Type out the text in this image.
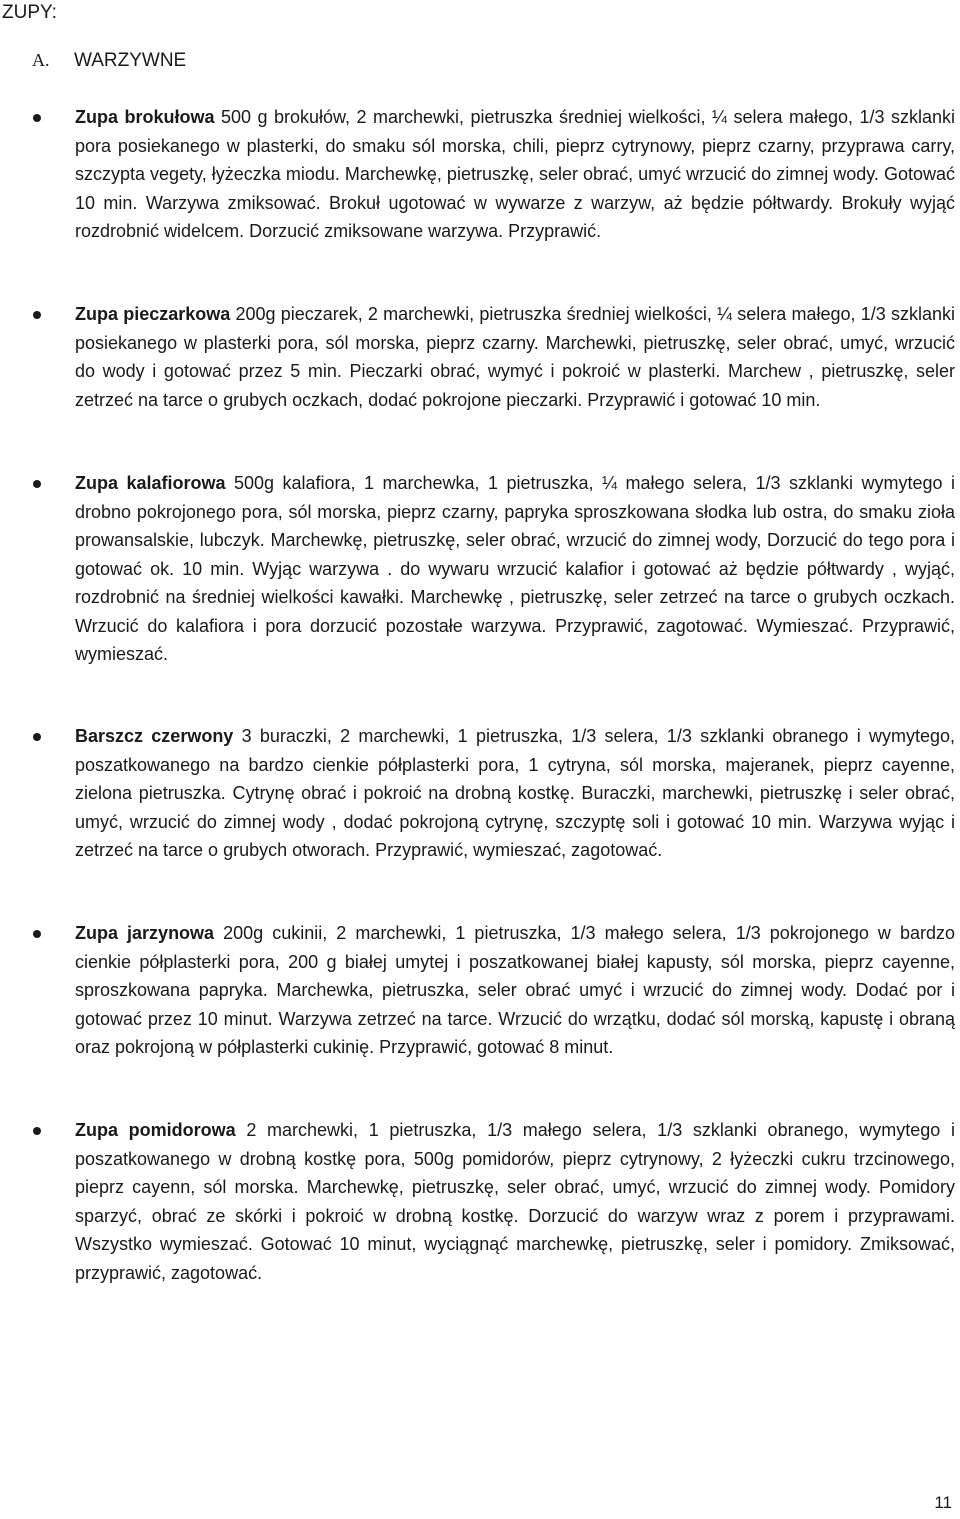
ZUPY:
A. WARZYWNE
Zupa brokułowa 500 g brokułów, 2 marchewki, pietruszka średniej wielkości, ¼ selera małego, 1/3 szklanki pora posiekanego w plasterki, do smaku sól morska, chili, pieprz cytrynowy, pieprz czarny, przyprawa carry, szczypta vegety, łyżeczka miodu. Marchewkę, pietruszkę, seler obrać, umyć wrzucić do zimnej wody. Gotować 10 min. Warzywa zmiksować. Brokuł ugotować w wywarze z warzyw, aż będzie półtwardy. Brokuły wyjąć rozdrobnić widelcem. Dorzucić zmiksowane warzywa. Przyprawić.
Zupa pieczarkowa 200g pieczarek, 2 marchewki, pietruszka średniej wielkości, ¼ selera małego, 1/3 szklanki posiekanego w plasterki pora, sól morska, pieprz czarny. Marchewki, pietruszkę, seler obrać, umyć, wrzucić do wody i gotować przez 5 min. Pieczarki obrać, wymyć i pokroić w plasterki. Marchew , pietruszkę, seler zetrzeć na tarce o grubych oczkach, dodać pokrojone pieczarki. Przyprawić i gotować 10 min.
Zupa kalafiorowa 500g kalafiora, 1 marchewka, 1 pietruszka, ¼ małego selera, 1/3 szklanki wymytego i drobno pokrojonego pora, sól morska, pieprz czarny, papryka sproszkowana słodka lub ostra, do smaku zioła prowansalskie, lubczyk. Marchewkę, pietruszkę, seler obrać, wrzucić do zimnej wody, Dorzucić do tego pora i gotować ok. 10 min. Wyjąc warzywa . do wywaru wrzucić kalafior i gotować aż będzie półtwardy , wyjąć, rozdrobnić na średniej wielkości kawałki. Marchewkę , pietruszkę, seler zetrzeć na tarce o grubych oczkach. Wrzucić do kalafiora i pora dorzucić pozostałe warzywa. Przyprawić, zagotować. Wymieszać. Przyprawić, wymieszać.
Barszcz czerwony 3 buraczki, 2 marchewki, 1 pietruszka, 1/3 selera, 1/3 szklanki obranego i wymytego, poszatkowanego na bardzo cienkie półplasterki pora, 1 cytryna, sól morska, majeranek, pieprz cayenne, zielona pietruszka. Cytrynę obrać i pokroić na drobną kostkę. Buraczki, marchewki, pietruszkę i seler obrać, umyć, wrzucić do zimnej wody , dodać pokrojoną cytrynę, szczyptę soli i gotować 10 min. Warzywa wyjąc i zetrzeć na tarce o grubych otworach. Przyprawić, wymieszać, zagotować.
Zupa jarzynowa 200g cukinii, 2 marchewki, 1 pietruszka, 1/3 małego selera, 1/3 pokrojonego w bardzo cienkie półplasterki pora, 200 g białej umytej i poszatkowanej białej kapusty, sól morska, pieprz cayenne, sproszkowana papryka. Marchewka, pietruszka, seler obrać umyć i wrzucić do zimnej wody. Dodać por i gotować przez 10 minut. Warzywa zetrzeć na tarce. Wrzucić do wrzątku, dodać sól morską, kapustę i obraną oraz pokrojoną w półplasterki cukinię. Przyprawić, gotować 8 minut.
Zupa pomidorowa 2 marchewki, 1 pietruszka, 1/3 małego selera, 1/3 szklanki obranego, wymytego i poszatkowanego w drobną kostkę pora, 500g pomidorów, pieprz cytrynowy, 2 łyżeczki cukru trzcinowego, pieprz cayenn, sól morska. Marchewkę, pietruszkę, seler obrać, umyć, wrzucić do zimnej wody. Pomidory sparzyć, obrać ze skórki i pokroić w drobną kostkę. Dorzucić do warzyw wraz z porem i przyprawami. Wszystko wymieszać. Gotować 10 minut, wyciągnąć marchewkę, pietruszkę, seler i pomidory. Zmiksować, przyprawić, zagotować.
11
